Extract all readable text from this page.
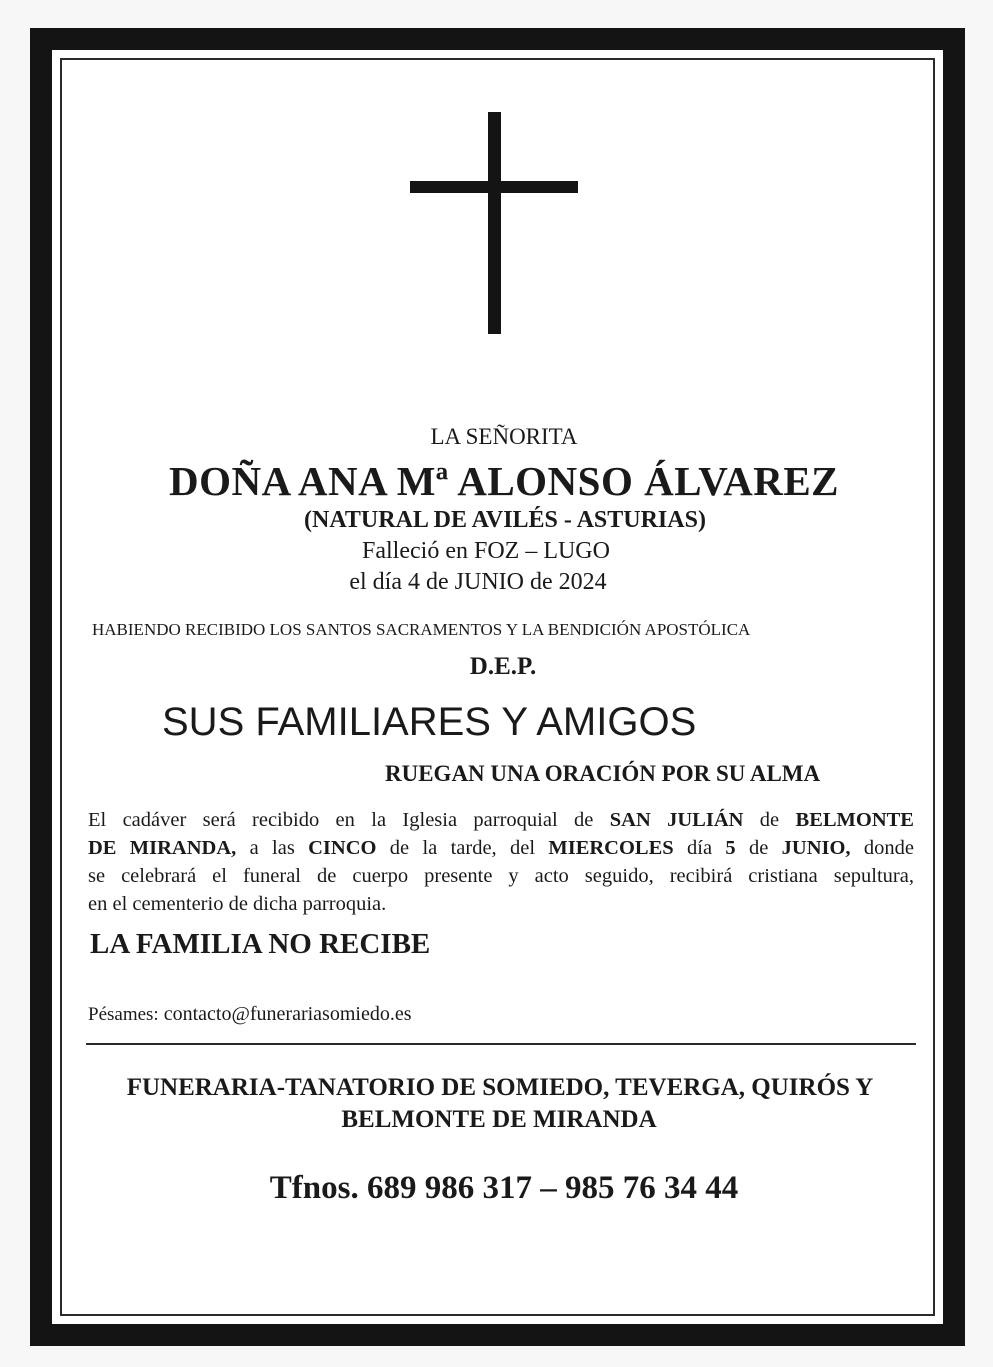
LA SEÑORITA

DOÑA ANA Mª ALONSO ÁLVAREZ

(NATURAL DE AVILÉS - ASTURIAS)

Falleció en FOZ – LUGO

el día 4 de JUNIO de 2024

HABIENDO RECIBIDO LOS SANTOS SACRAMENTOS Y LA BENDICIÓN APOSTÓLICA

D.E.P.

SUS FAMILIARES Y AMIGOS

RUEGAN UNA ORACIÓN POR SU ALMA

El cadáver será recibido en la Iglesia parroquial de SAN JULIÁN de BELMONTE
DE MIRANDA, a las CINCO de la tarde, del MIERCOLES día 5 de JUNIO, donde
se celebrará el funeral de cuerpo presente y acto seguido, recibirá cristiana sepultura,
en el cementerio de dicha parroquia.

LA FAMILIA NO RECIBE

Pésames: contacto@funerariasomiedo.es

FUNERARIA-TANATORIO DE SOMIEDO, TEVERGA, QUIRÓS Y

BELMONTE DE MIRANDA

Tfnos. 689 986 317 – 985 76 34 44
